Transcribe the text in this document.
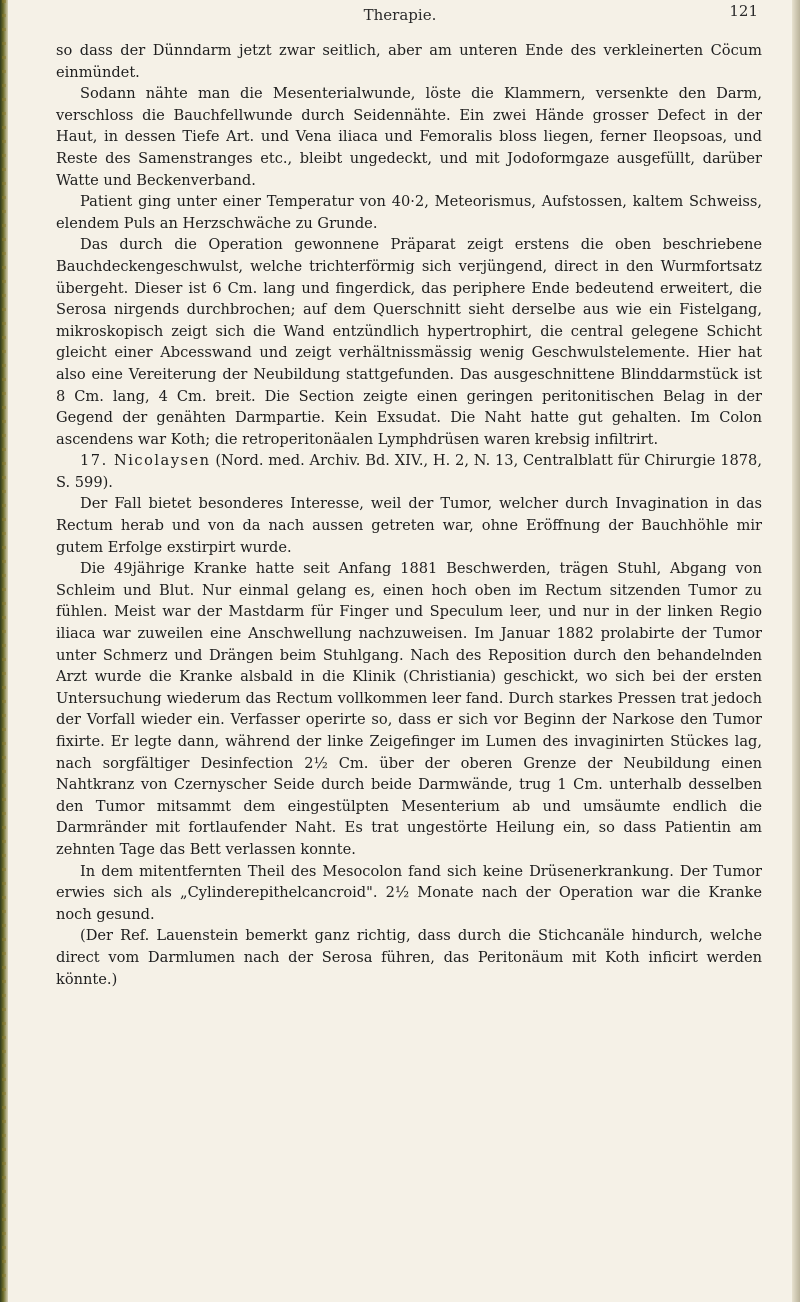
Therapie.	121

so dass der Dünndarm jetzt zwar seitlich, aber am unteren Ende des verkleinerten Cöcum einmündet.

Sodann nähte man die Mesenterialwunde, löste die Klammern, versenkte den Darm, verschloss die Bauchfellwunde durch Seidennähte. Ein zwei Hände grosser Defect in der Haut, in dessen Tiefe Art. und Vena iliaca und Femoralis bloss liegen, ferner Ileopsoas, und Reste des Samenstranges etc., bleibt ungedeckt, und mit Jodoformgaze ausgefüllt, darüber Watte und Beckenverband.

Patient ging unter einer Temperatur von 40·2, Meteorismus, Aufstossen, kaltem Schweiss, elendem Puls an Herzschwäche zu Grunde.

Das durch die Operation gewonnene Präparat zeigt erstens die oben beschriebene Bauchdeckengeschwulst, welche trichterförmig sich verjüngend, direct in den Wurmfortsatz übergeht. Dieser ist 6 Cm. lang und fingerdick, das periphere Ende bedeutend erweitert, die Serosa nirgends durchbrochen; auf dem Querschnitt sieht derselbe aus wie ein Fistelgang, mikroskopisch zeigt sich die Wand entzündlich hypertrophirt, die central gelegene Schicht gleicht einer Abcesswand und zeigt verhältnissmässig wenig Geschwulstelemente. Hier hat also eine Vereiterung der Neubildung stattgefunden. Das ausgeschnittene Blinddarmstück ist 8 Cm. lang, 4 Cm. breit. Die Section zeigte einen geringen peritonitischen Belag in der Gegend der genähten Darmpartie. Kein Exsudat. Die Naht hatte gut gehalten. Im Colon ascendens war Koth; die retroperitonäalen Lymphdrüsen waren krebsig infiltrirt.

17. Nicolaysen (Nord. med. Archiv. Bd. XIV., H. 2, N. 13, Centralblatt für Chirurgie 1878, S. 599).

Der Fall bietet besonderes Interesse, weil der Tumor, welcher durch Invagination in das Rectum herab und von da nach aussen getreten war, ohne Eröffnung der Bauchhöhle mir gutem Erfolge exstirpirt wurde.

Die 49jährige Kranke hatte seit Anfang 1881 Beschwerden, trägen Stuhl, Abgang von Schleim und Blut. Nur einmal gelang es, einen hoch oben im Rectum sitzenden Tumor zu fühlen. Meist war der Mastdarm für Finger und Speculum leer, und nur in der linken Regio iliaca war zuweilen eine Anschwellung nachzuweisen. Im Januar 1882 prolabirte der Tumor unter Schmerz und Drängen beim Stuhlgang. Nach des Reposition durch den behandelnden Arzt wurde die Kranke alsbald in die Klinik (Christiania) geschickt, wo sich bei der ersten Untersuchung wiederum das Rectum vollkommen leer fand. Durch starkes Pressen trat jedoch der Vorfall wieder ein. Verfasser operirte so, dass er sich vor Beginn der Narkose den Tumor fixirte. Er legte dann, während der linke Zeigefinger im Lumen des invaginirten Stückes lag, nach sorgfältiger Desinfection 2½ Cm. über der oberen Grenze der Neubildung einen Nahtkranz von Czernyscher Seide durch beide Darmwände, trug 1 Cm. unterhalb desselben den Tumor mitsammt dem eingestülpten Mesenterium ab und umsäumte endlich die Darmränder mit fortlaufender Naht. Es trat ungestörte Heilung ein, so dass Patientin am zehnten Tage das Bett verlassen konnte.

In dem mitentfernten Theil des Mesocolon fand sich keine Drüsenerkrankung. Der Tumor erwies sich als „Cylinderepithelcancroid". 2½ Monate nach der Operation war die Kranke noch gesund.

(Der Ref. Lauenstein bemerkt ganz richtig, dass durch die Stichcanäle hindurch, welche direct vom Darmlumen nach der Serosa führen, das Peritonäum mit Koth inficirt werden könnte.)
